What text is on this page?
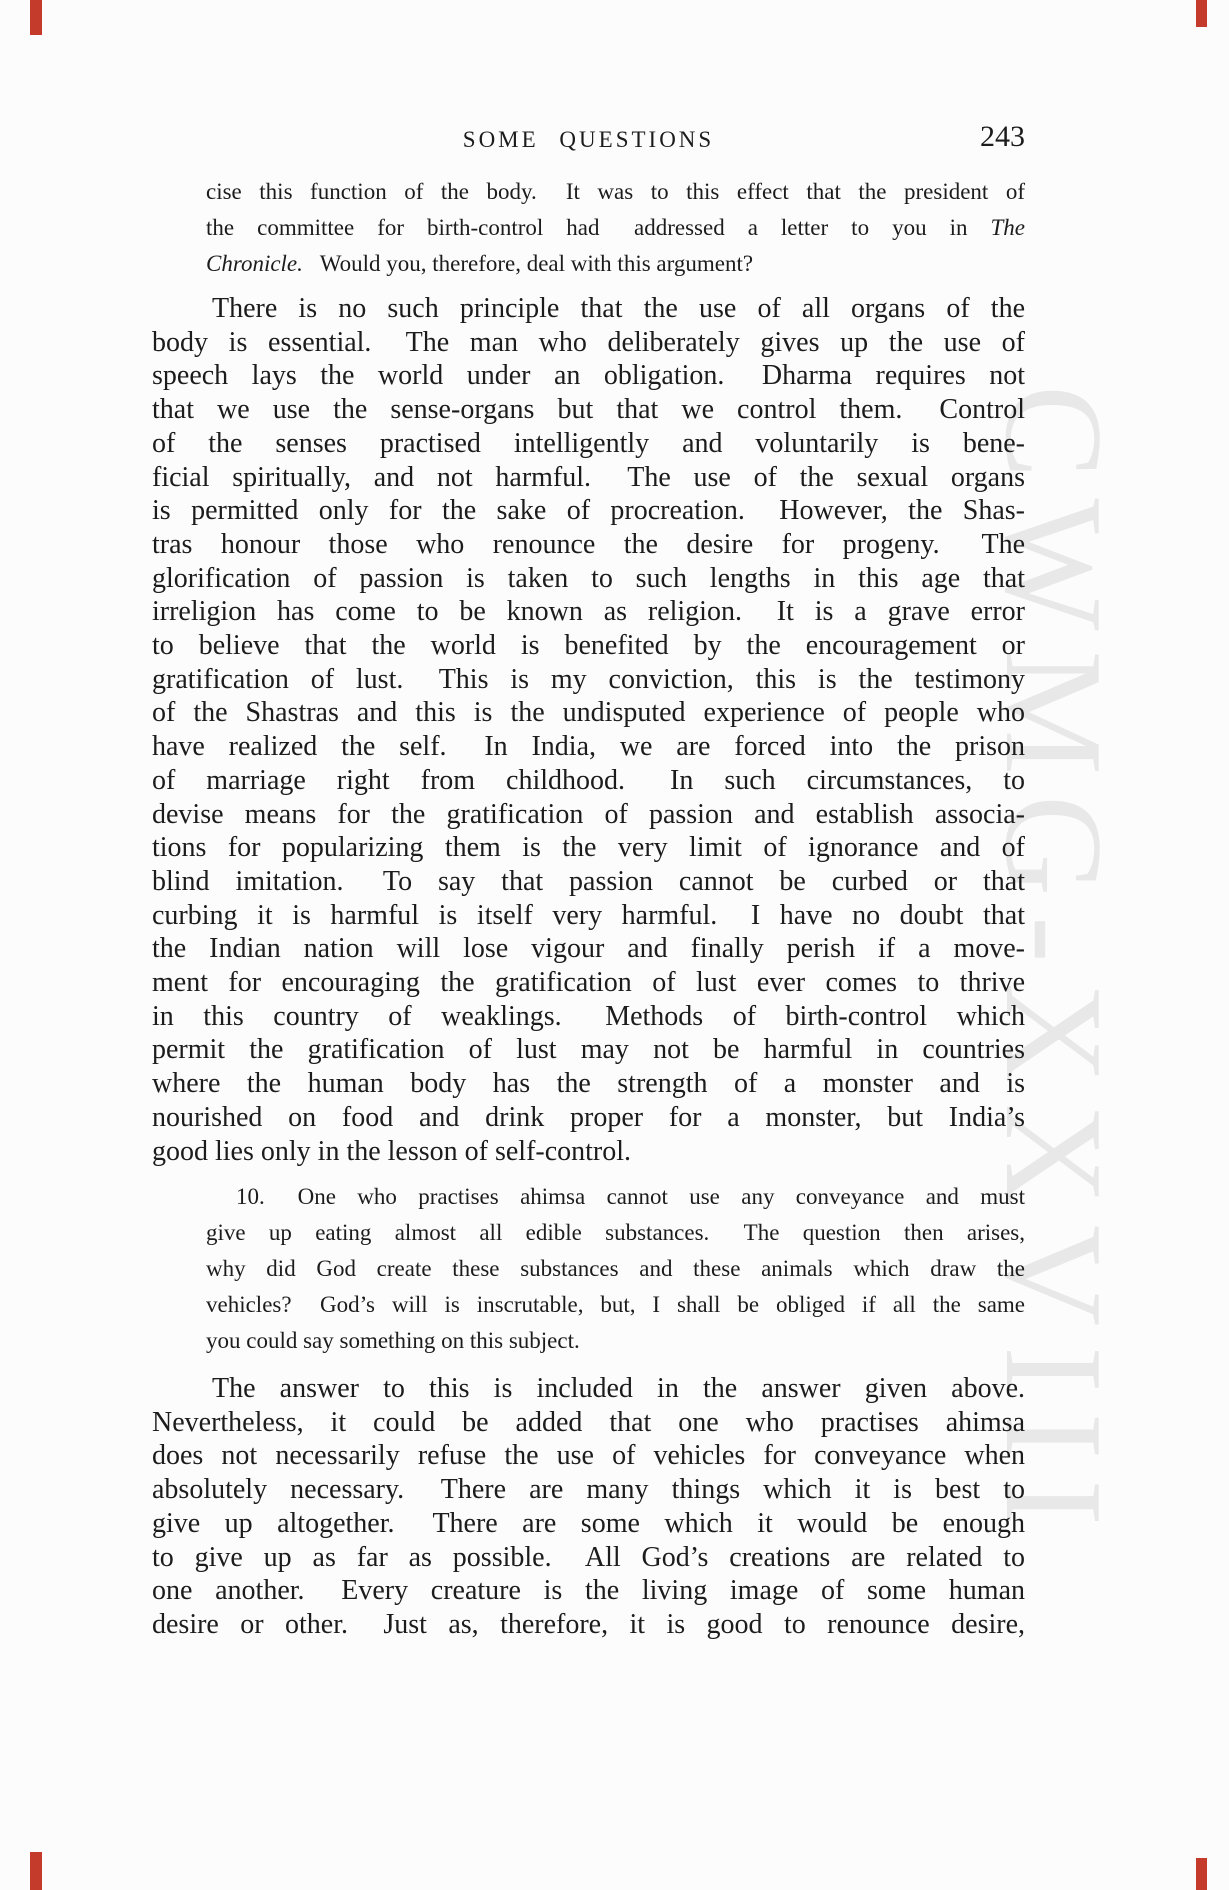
CWMG-XXVIII
SOME QUESTIONS	243
cise this function of the body.  It was to this effect that the president of
the committee for birth-control had  addressed a letter to you in The
Chronicle.  Would you, therefore, deal with this argument?
There is no such principle that the use of all organs of the
body is essential.  The man who deliberately gives up the use of
speech lays the world under an obligation.  Dharma requires not
that we use the sense-organs but that we control them.  Control
of the senses practised intelligently and voluntarily is bene-
ficial spiritually, and not harmful.  The use of the sexual organs
is permitted only for the sake of procreation.  However, the Shas-
tras honour those who renounce the desire for progeny.  The
glorification of passion is taken to such lengths in this age that
irreligion has come to be known as religion.  It is a grave error
to believe that the world is benefited by the encouragement or
gratification of lust.  This is my conviction, this is the testimony
of the Shastras and this is the undisputed experience of people who
have realized the self.  In India, we are forced into the prison
of marriage right from childhood.  In such circumstances, to
devise means for the gratification of passion and establish associa-
tions for popularizing them is the very limit of ignorance and of
blind imitation.  To say that passion cannot be curbed or that
curbing it is harmful is itself very harmful.  I have no doubt that
the Indian nation will lose vigour and finally perish if a move-
ment for encouraging the gratification of lust ever comes to thrive
in this country of weaklings.  Methods of birth-control which
permit the gratification of lust may not be harmful in countries
where the human body has the strength of a monster and is
nourished on food and drink proper for a monster, but India’s
good lies only in the lesson of self-control.
10.  One who practises ahimsa cannot use any conveyance and must
give up eating almost all edible substances.  The question then arises,
why did God create these substances and these animals which draw the
vehicles?  God’s will is inscrutable, but, I shall be obliged if all the same
you could say something on this subject.
The answer to this is included in the answer given above.
Nevertheless, it could be added that one who practises ahimsa
does not necessarily refuse the use of vehicles for conveyance when
absolutely necessary.  There are many things which it is best to
give up altogether.  There are some which it would be enough
to give up as far as possible.  All God’s creations are related to
one another.  Every creature is the living image of some human
desire or other.  Just as, therefore, it is good to renounce desire,
